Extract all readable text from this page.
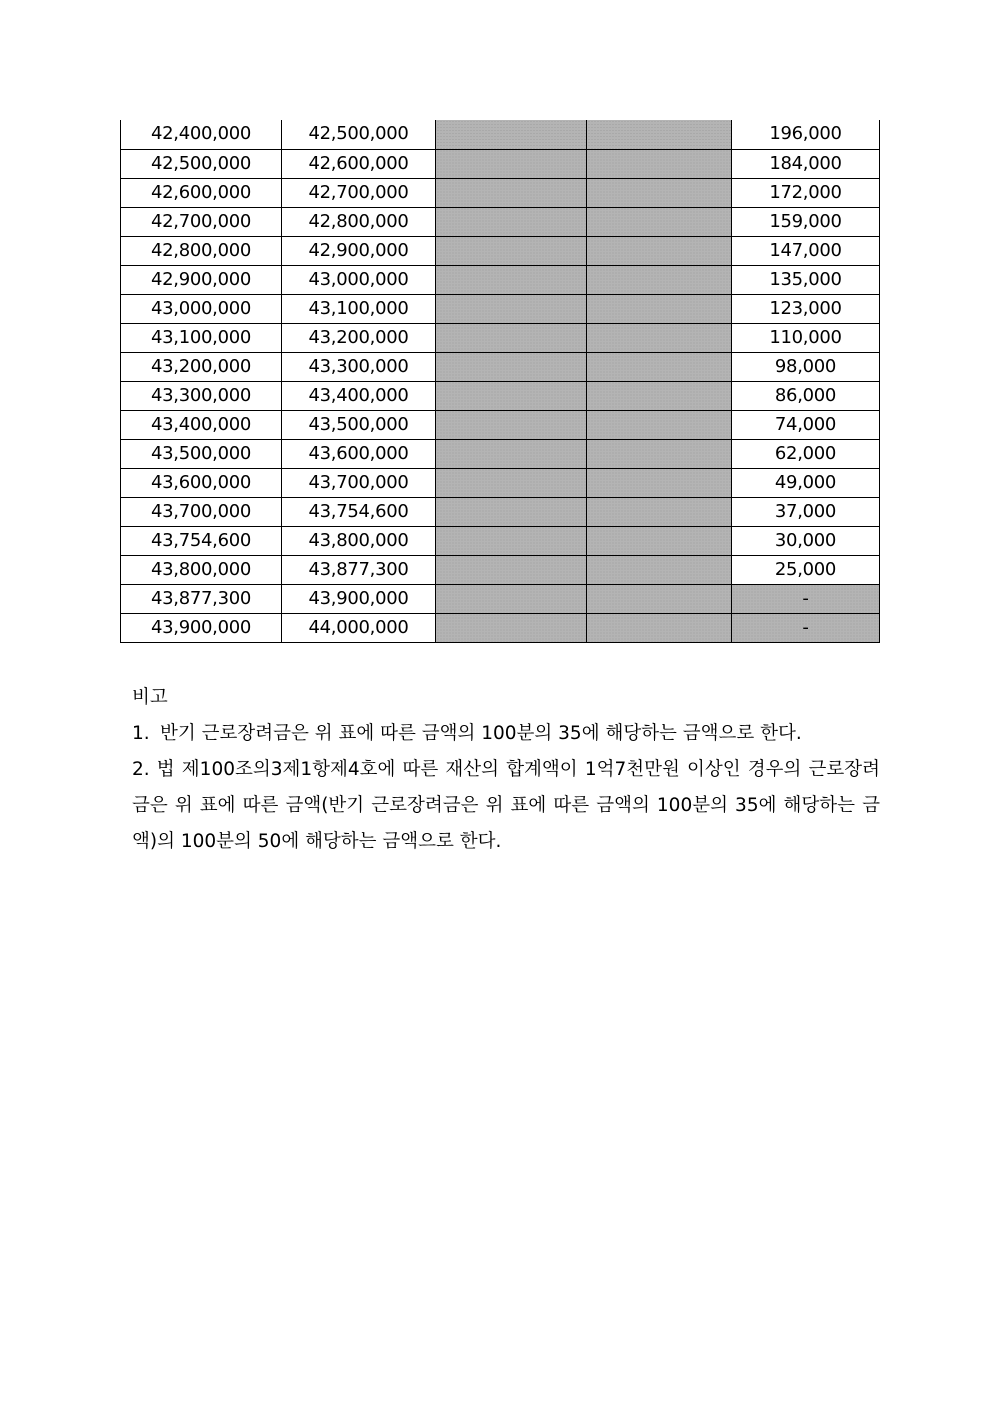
42,400,000	42,500,000			196,000
42,500,000	42,600,000			184,000
42,600,000	42,700,000			172,000
42,700,000	42,800,000			159,000
42,800,000	42,900,000			147,000
42,900,000	43,000,000			135,000
43,000,000	43,100,000			123,000
43,100,000	43,200,000			110,000
43,200,000	43,300,000			98,000
43,300,000	43,400,000			86,000
43,400,000	43,500,000			74,000
43,500,000	43,600,000			62,000
43,600,000	43,700,000			49,000
43,700,000	43,754,600			37,000
43,754,600	43,800,000			30,000
43,800,000	43,877,300			25,000
43,877,300	43,900,000			-
43,900,000	44,000,000			-
비고
1. 반기 근로장려금은 위 표에 따른 금액의 100분의 35에 해당하는 금액으로 한다.
2. 법 제100조의3제1항제4호에 따른 재산의 합계액이 1억7천만원 이상인 경우의 근로장려금은 위 표에 따른 금액(반기 근로장려금은 위 표에 따른 금액의 100분의 35에 해당하는 금액)의 100분의 50에 해당하는 금액으로 한다.
